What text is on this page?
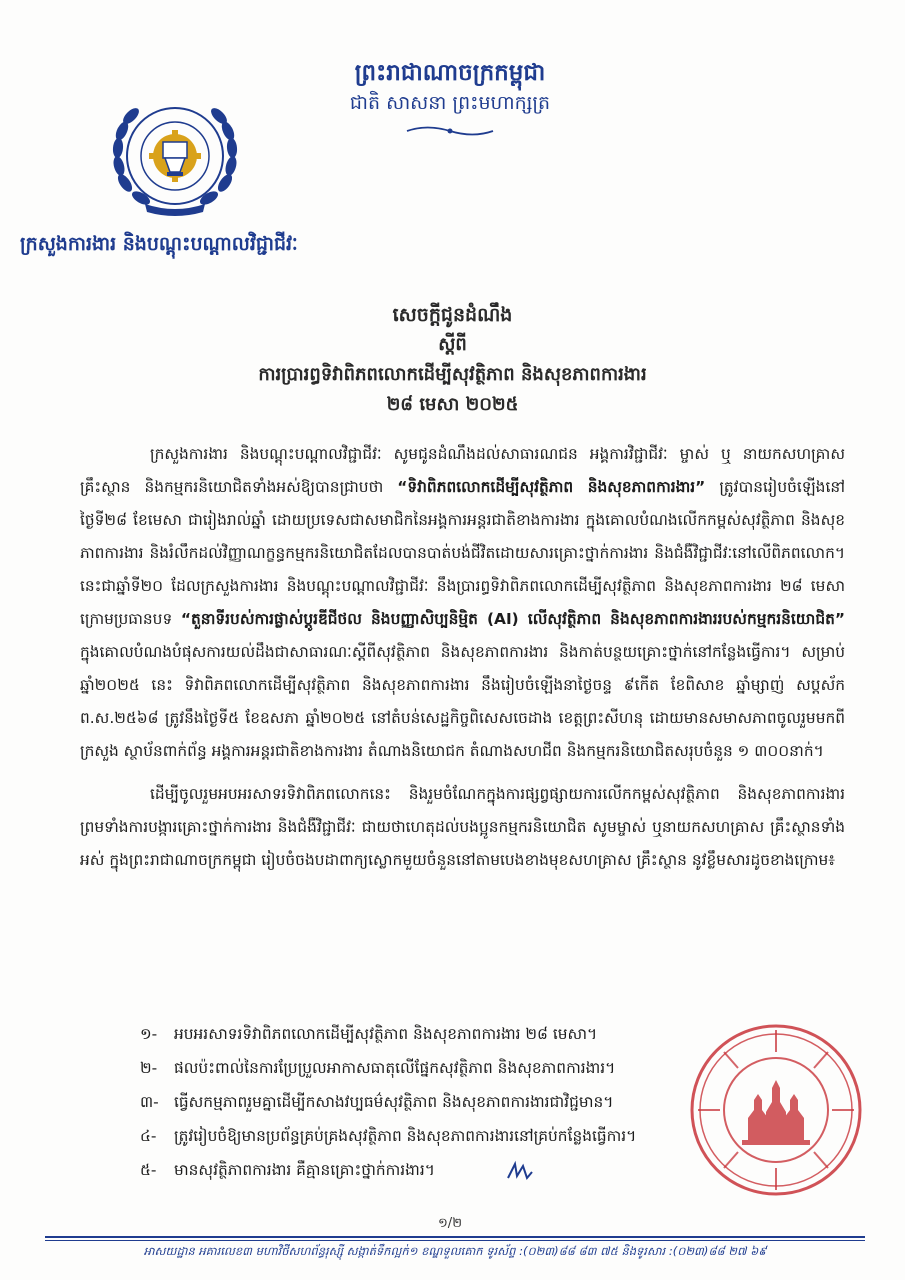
ព្រះរាជាណាចក្រកម្ពុជា
ជាតិ សាសនា ព្រះមហាក្សត្រ
ក្រសួងការងារ និងបណ្តុះបណ្តាលវិជ្ជាជីវៈ
សេចក្តីជូនដំណឹង
ស្តីពី
ការប្រារព្ធទិវាពិភពលោកដើម្បីសុវត្ថិភាព និងសុខភាពការងារ
២៨ មេសា ២០២៥

ក្រសួងការងារ និងបណ្តុះបណ្តាលវិជ្ជាជីវៈ សូមជូនដំណឹងដល់សាធារណជន អង្គការវិជ្ជាជីវៈ ម្ចាស់ ឬ នាយកសហគ្រាស គ្រឹះស្ថាន និងកម្មករនិយោជិតទាំងអស់ឱ្យបានជ្រាបថា “ទិវាពិភពលោកដើម្បីសុវត្ថិភាព និងសុខភាពការងារ” ត្រូវបានរៀបចំឡើងនៅថ្ងៃទី២៨ ខែមេសា ជារៀងរាល់ឆ្នាំ ដោយប្រទេសជាសមាជិកនៃអង្គការអន្តរជាតិខាងការងារ ក្នុងគោលបំណងលើកកម្ពស់សុវត្ថិភាព និងសុខភាពការងារ និងរំលឹកដល់វិញ្ញាណក្ខន្ធកម្មករនិយោជិតដែលបានបាត់បង់ជីវិតដោយសារគ្រោះថ្នាក់ការងារ និងជំងឺវិជ្ជាជីវៈនៅលើពិភពលោក។ នេះជាឆ្នាំទី២០ ដែលក្រសួងការងារ និងបណ្តុះបណ្តាលវិជ្ជាជីវៈ នឹងប្រារព្ធទិវាពិភពលោកដើម្បីសុវត្ថិភាព និងសុខភាពការងារ ២៨ មេសា ក្រោមប្រធានបទ “តួនាទីរបស់ការផ្លាស់ប្តូរឌីជីថល និងបញ្ញាសិប្បនិម្មិត (AI) លើសុវត្ថិភាព និងសុខភាពការងាររបស់កម្មករនិយោជិត” ក្នុងគោលបំណងបំផុសការយល់ដឹងជាសាធារណៈស្តីពីសុវត្ថិភាព និងសុខភាពការងារ និងកាត់បន្ថយគ្រោះថ្នាក់នៅកន្លែងធ្វើការ។ សម្រាប់ឆ្នាំ២០២៥ នេះ ទិវាពិភពលោកដើម្បីសុវត្ថិភាព និងសុខភាពការងារ នឹងរៀបចំឡើងនាថ្ងៃចន្ទ ៩កើត ខែពិសាខ ឆ្នាំម្សាញ់ សប្តស័ក ព.ស.២៥៦៨ ត្រូវនឹងថ្ងៃទី៥ ខែឧសភា ឆ្នាំ២០២៥ នៅតំបន់សេដ្ឋកិច្ចពិសេសចេដាង ខេត្តព្រះសីហនុ ដោយមានសមាសភាពចូលរួមមកពីក្រសួង ស្ថាប័នពាក់ព័ន្ធ អង្គការអន្តរជាតិខាងការងារ តំណាងនិយោជក តំណាងសហជីព និងកម្មករនិយោជិតសរុបចំនួន ១ ៣០០នាក់។

ដើម្បីចូលរួមអបអរសាទរទិវាពិភពលោកនេះ និងរួមចំណែកក្នុងការផ្សព្វផ្សាយការលើកកម្ពស់សុវត្ថិភាព និងសុខភាពការងារ ព្រមទាំងការបង្ការគ្រោះថ្នាក់ការងារ និងជំងឺវិជ្ជាជីវៈ ជាយថាហេតុដល់បងប្អូនកម្មករនិយោជិត សូមម្ចាស់ ឬនាយកសហគ្រាស គ្រឹះស្ថានទាំងអស់ ក្នុងព្រះរាជាណាចក្រកម្ពុជា រៀបចំចងបដាពាក្យស្លោកមួយចំនួននៅតាមបេងខាងមុខសហគ្រាស គ្រឹះស្ថាន នូវខ្លឹមសារដូចខាងក្រោម៖

១-	អបអរសាទរទិវាពិភពលោកដើម្បីសុវត្ថិភាព និងសុខភាពការងារ ២៨ មេសា។
២-	ផលប៉ះពាល់នៃការប្រែប្រួលអាកាសធាតុលើផ្នែកសុវត្ថិភាព និងសុខភាពការងារ។
៣- ធ្វើសកម្មភាពរួមគ្នាដើម្បីកសាងវប្បធម៌សុវត្ថិភាព និងសុខភាពការងារជាវិជ្ជមាន។
៤-	ត្រូវរៀបចំឱ្យមានប្រព័ន្ធគ្រប់គ្រងសុវត្ថិភាព និងសុខភាពការងារនៅគ្រប់កន្លែងធ្វើការ។
៥-	មានសុវត្ថិភាពការងារ គឺគ្មានគ្រោះថ្នាក់ការងារ។
១/២
អាសយដ្ឋាន អគារលេខ៣ មហាវិថីសហព័ន្ធរុស្ស៊ី សង្កាត់ទឹកល្អក់១ ខណ្ឌទួលគោក ទូរស័ព្ទ :(០២៣)៨៨ ៨៣ ៧៥ និងទូរសារ :(០២៣)៨៨ ២៧ ៦៩
